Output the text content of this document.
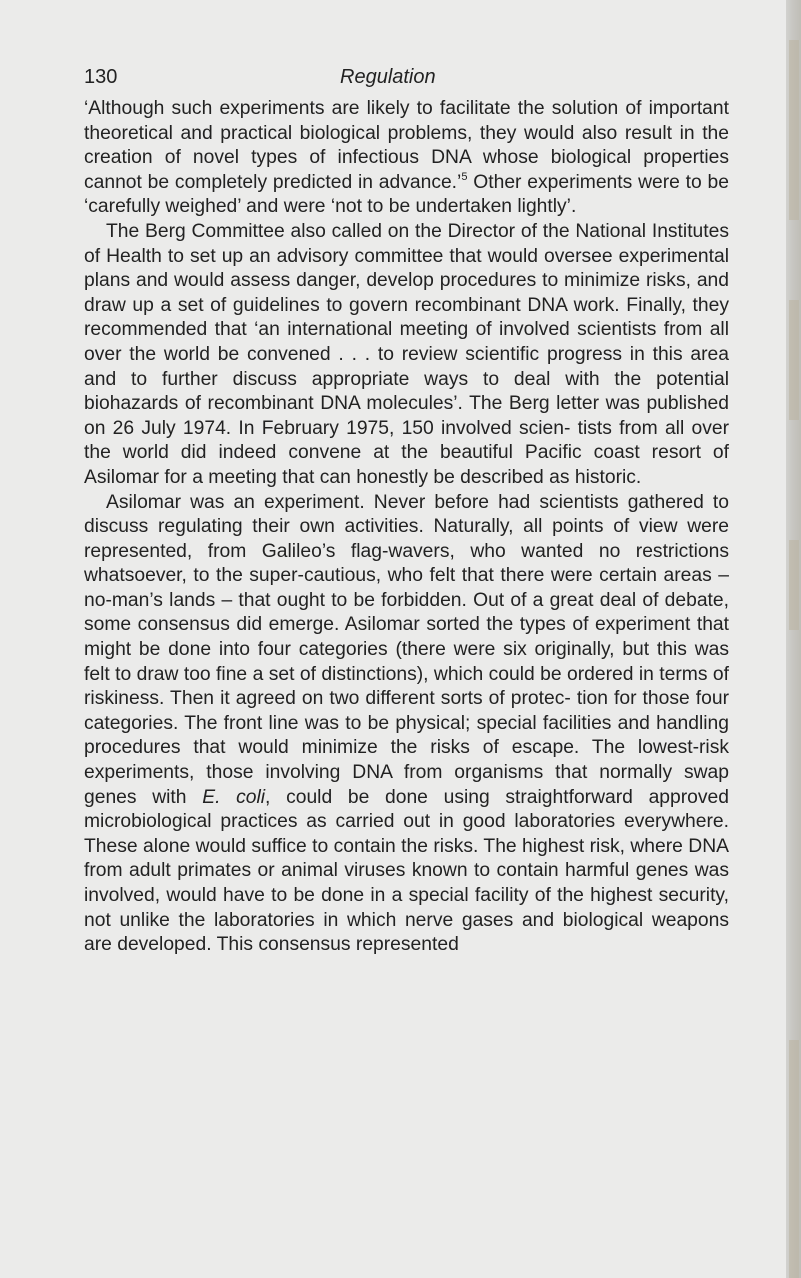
130	Regulation

‘Although such experiments are likely to facilitate the solution of important theoretical and practical biological problems, they would also result in the creation of novel types of infectious DNA whose biological properties cannot be completely predicted in advance.’$^5$ Other experiments were to be ‘carefully weighed’ and were ‘not to be undertaken lightly’.

The Berg Committee also called on the Director of the National Institutes of Health to set up an advisory committee that would oversee experimental plans and would assess danger, develop procedures to minimize risks, and draw up a set of guidelines to govern recombinant DNA work. Finally, they recommended that ‘an international meeting of involved scientists from all over the world be convened . . . to review scientific progress in this area and to further discuss appropriate ways to deal with the potential biohazards of recombinant DNA molecules’. The Berg letter was published on 26 July 1974. In February 1975, 150 involved scien- tists from all over the world did indeed convene at the beautiful Pacific coast resort of Asilomar for a meeting that can honestly be described as historic.

Asilomar was an experiment. Never before had scientists gathered to discuss regulating their own activities. Naturally, all points of view were represented, from Galileo’s flag-wavers, who wanted no restrictions whatsoever, to the super-cautious, who felt that there were certain areas – no-man’s lands – that ought to be forbidden. Out of a great deal of debate, some consensus did emerge. Asilomar sorted the types of experiment that might be done into four categories (there were six originally, but this was felt to draw too fine a set of distinctions), which could be ordered in terms of riskiness. Then it agreed on two different sorts of protec- tion for those four categories. The front line was to be physical; special facilities and handling procedures that would minimize the risks of escape. The lowest-risk experiments, those involving DNA from organisms that normally swap genes with E. coli, could be done using straightforward approved microbiological practices as carried out in good laboratories everywhere. These alone would suffice to contain the risks. The highest risk, where DNA from adult primates or animal viruses known to contain harmful genes was involved, would have to be done in a special facility of the highest security, not unlike the laboratories in which nerve gases and biological weapons are developed. This consensus represented
